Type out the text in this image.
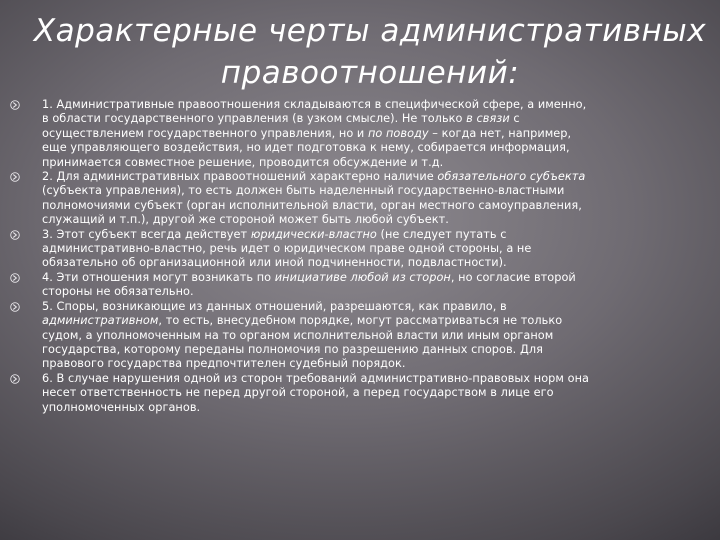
Характерные черты административных
правоотношений:
1. Административные правоотношения складываются в специфической сфере, а именно,
в области государственного управления (в узком смысле). Не только в связи с
осуществлением государственного управления, но и по поводу – когда нет, например,
еще управляющего воздействия, но идет подготовка к нему, собирается информация,
принимается совместное решение, проводится обсуждение и т.д.
2. Для административных правоотношений характерно наличие обязательного субъекта
(субъекта управления), то есть должен быть наделенный государственно-властными
полномочиями субъект (орган исполнительной власти, орган местного самоуправления,
служащий и т.п.), другой же стороной может быть любой субъект.
3. Этот субъект всегда действует юридически-властно (не следует путать с
административно-властно, речь идет о юридическом праве одной стороны, а не
обязательно об организационной или иной подчиненности, подвластности).
4. Эти отношения могут возникать по инициативе любой из сторон, но согласие второй
стороны не обязательно.
5. Споры, возникающие из данных отношений, разрешаются, как правило, в
административном, то есть, внесудебном порядке, могут рассматриваться не только
судом, а уполномоченным на то органом исполнительной власти или иным органом
государства, которому переданы полномочия по разрешению данных споров. Для
правового государства предпочтителен судебный порядок.
6. В случае нарушения одной из сторон требований административно-правовых норм она
несет ответственность не перед другой стороной, а перед государством в лице его
уполномоченных органов.
